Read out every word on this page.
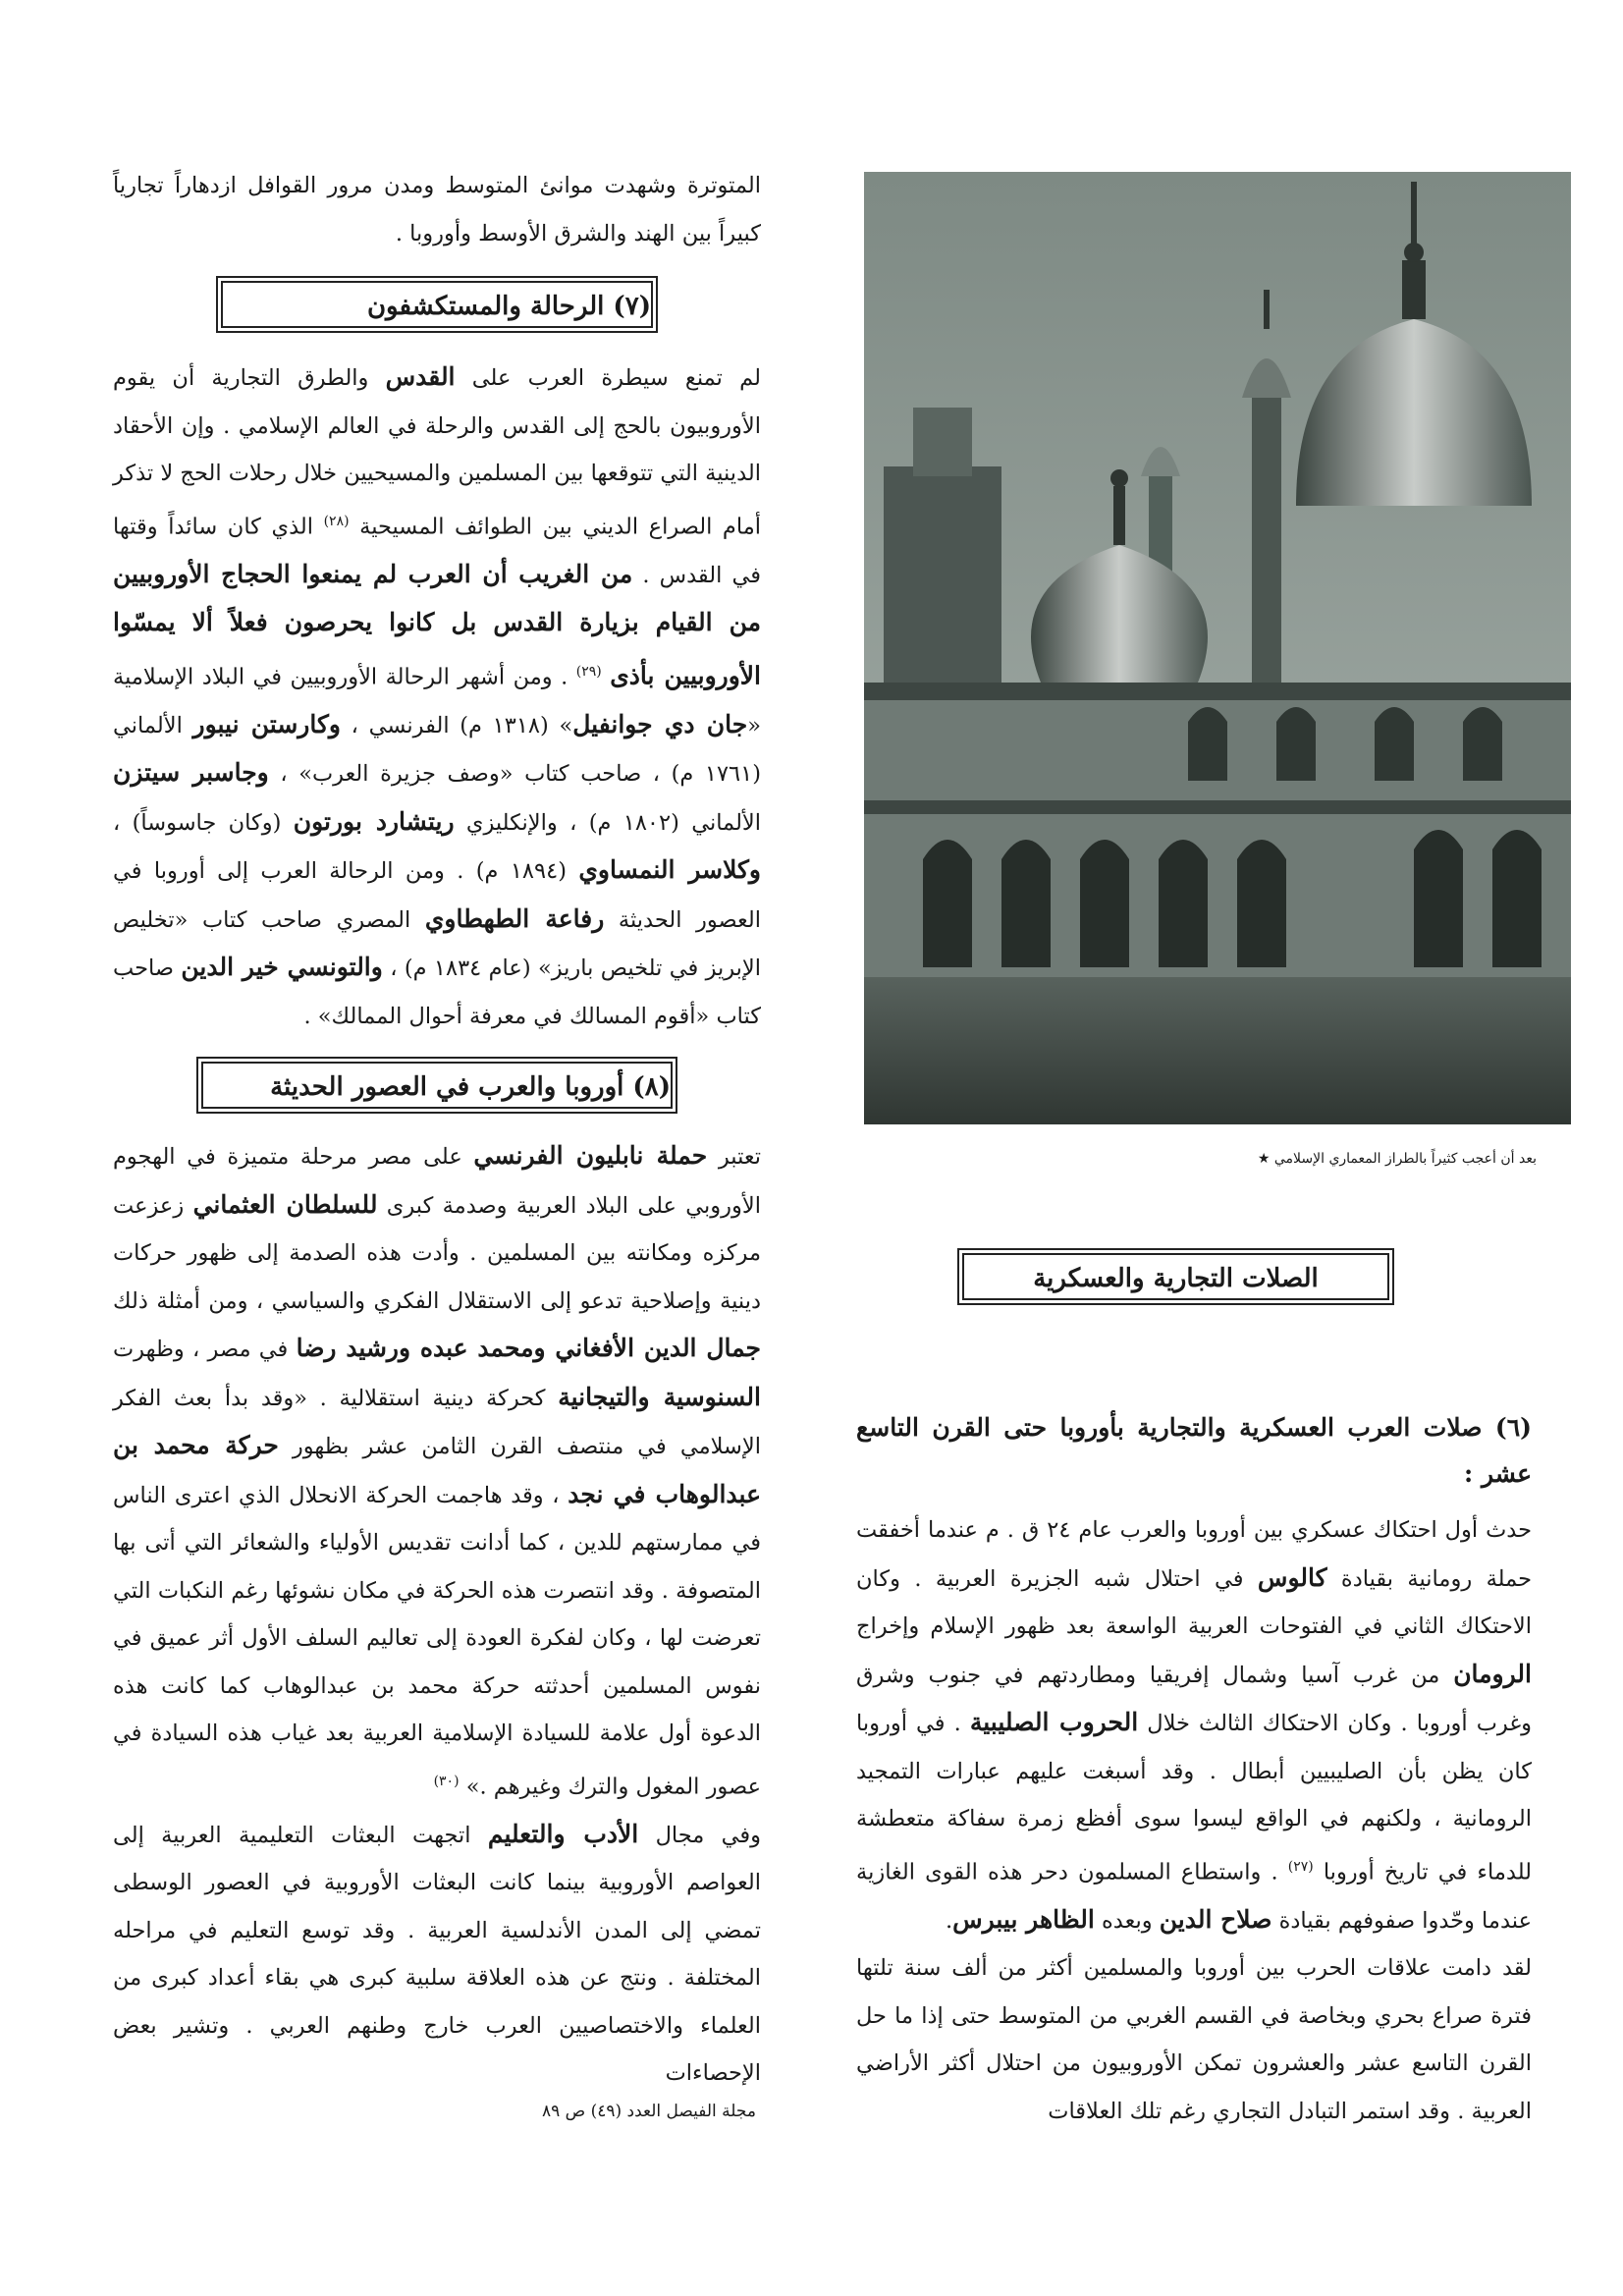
المتوترة وشهدت موانئ المتوسط ومدن مرور القوافل ازدهاراً تجارياً كبيراً بين الهند والشرق الأوسط وأوروبا .

(٧) الرحالة والمستكشفون

لم تمنع سيطرة العرب على القدس والطرق التجارية أن يقوم الأوروبيون بالحج إلى القدس والرحلة في العالم الإسلامي . وإن الأحقاد الدينية التي تتوقعها بين المسلمين والمسيحيين خلال رحلات الحج لا تذكر أمام الصراع الديني بين الطوائف المسيحية $^{(٢٨)}$ الذي كان سائداً وقتها في القدس . من الغريب أن العرب لم يمنعوا الحجاج الأوروبيين من القيام بزيارة القدس بل كانوا يحرصون فعلاً ألا يمسّوا الأوروبيين بأذى $^{(٢٩)}$ . ومن أشهر الرحالة الأوروبيين في البلاد الإسلامية «جان دي جوانفيل» (١٣١٨ م) الفرنسي ، وكارستن نيبور الألماني (١٧٦١ م) ، صاحب كتاب «وصف جزيرة العرب» ، وجاسبر سيتزن الألماني (١٨٠٢ م) ، والإنكليزي ريتشارد بورتون (وكان جاسوساً) ، وكلاسر النمساوي (١٨٩٤ م) . ومن الرحالة العرب إلى أوروبا في العصور الحديثة رفاعة الطهطاوي المصري صاحب كتاب «تخليص الإبريز في تلخيص باريز» (عام ١٨٣٤ م) ، والتونسي خير الدين صاحب كتاب «أقوم المسالك في معرفة أحوال الممالك» .

(٨) أوروبا والعرب في العصور الحديثة

تعتبر حملة نابليون الفرنسي على مصر مرحلة متميزة في الهجوم الأوروبي على البلاد العربية وصدمة كبرى للسلطان العثماني زعزعت مركزه ومكانته بين المسلمين . وأدت هذه الصدمة إلى ظهور حركات دينية وإصلاحية تدعو إلى الاستقلال الفكري والسياسي ، ومن أمثلة ذلك جمال الدين الأفغاني ومحمد عبده ورشيد رضا في مصر ، وظهرت السنوسية والتيجانية كحركة دينية استقلالية . «وقد بدأ بعث الفكر الإسلامي في منتصف القرن الثامن عشر بظهور حركة محمد بن عبدالوهاب في نجد ، وقد هاجمت الحركة الانحلال الذي اعترى الناس في ممارستهم للدين ، كما أدانت تقديس الأولياء والشعائر التي أتى بها المتصوفة . وقد انتصرت هذه الحركة في مكان نشوئها رغم النكبات التي تعرضت لها ، وكان لفكرة العودة إلى تعاليم السلف الأول أثر عميق في نفوس المسلمين أحدثته حركة محمد بن عبدالوهاب كما كانت هذه الدعوة أول علامة للسيادة الإسلامية العربية بعد غياب هذه السيادة في عصور المغول والترك وغيرهم .» $^{(٣٠)}$

وفي مجال الأدب والتعليم اتجهت البعثات التعليمية العربية إلى العواصم الأوروبية بينما كانت البعثات الأوروبية في العصور الوسطى تمضي إلى المدن الأندلسية العربية . وقد توسع التعليم في مراحله المختلفة . ونتج عن هذه العلاقة سلبية كبرى هي بقاء أعداد كبرى من العلماء والاختصاصيين العرب خارج وطنهم العربي . وتشير بعض الإحصاءات

بعد أن أعجب كثيراً بالطراز المعماري الإسلامي ★
الصلات التجارية والعسكرية

(٦) صلات العرب العسكرية والتجارية بأوروبا حتى القرن التاسع عشر :

حدث أول احتكاك عسكري بين أوروبا والعرب عام ٢٤ ق . م عندما أخفقت حملة رومانية بقيادة كالوس في احتلال شبه الجزيرة العربية . وكان الاحتكاك الثاني في الفتوحات العربية الواسعة بعد ظهور الإسلام وإخراج الرومان من غرب آسيا وشمال إفريقيا ومطاردتهم في جنوب وشرق وغرب أوروبا . وكان الاحتكاك الثالث خلال الحروب الصليبية . في أوروبا كان يظن بأن الصليبيين أبطال . وقد أسبغت عليهم عبارات التمجيد الرومانية ، ولكنهم في الواقع ليسوا سوى أفظع زمرة سفاكة متعطشة للدماء في تاريخ أوروبا $^{(٢٧)}$ . واستطاع المسلمون دحر هذه القوى الغازية عندما وحّدوا صفوفهم بقيادة صلاح الدين وبعده الظاهر بيبرس.

لقد دامت علاقات الحرب بين أوروبا والمسلمين أكثر من ألف سنة تلتها فترة صراع بحري وبخاصة في القسم الغربي من المتوسط حتى إذا ما حل القرن التاسع عشر والعشرون تمكن الأوروبيون من احتلال أكثر الأراضي العربية . وقد استمر التبادل التجاري رغم تلك العلاقات

مجلة الفيصل العدد (٤٩) ص ٨٩
